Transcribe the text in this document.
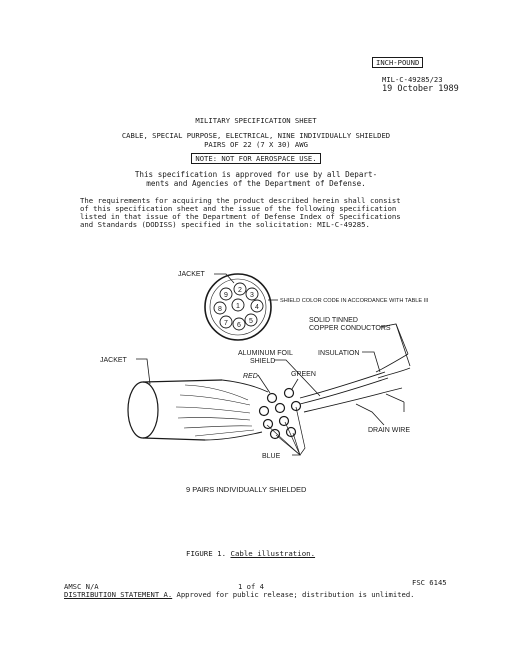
INCH-POUND
MIL-C-49285/23
19 October 1989
MILITARY SPECIFICATION SHEET
CABLE, SPECIAL PURPOSE, ELECTRICAL, NINE INDIVIDUALLY SHIELDED
PAIRS OF 22 (7 X 30) AWG
NOTE: NOT FOR AEROSPACE USE.
This specification is approved for use by all Depart-
ments and Agencies of the Department of Defense.
The requirements for acquiring the product described herein shall consist
of this specification sheet and the issue of the following specification
listed in that issue of the Department of Defense Index of Specifications
and Standards (DODISS) specified in the solicitation: MIL-C-49285.
JACKET
1
2
3
4
5
6
7
8
9
SHIELD COLOR CODE IN ACCORDANCE WITH TABLE III
SOLID TINNED
COPPER CONDUCTORS
JACKET
ALUMINUM FOIL
SHIELD
INSULATION
RED	GREEN
DRAIN WIRE
BLUE
9 PAIRS INDIVIDUALLY SHIELDED
FIGURE 1. Cable illustration.
AMSC N/A	1 of 4	FSC 6145
DISTRIBUTION STATEMENT A. Approved for public release; distribution is unlimited.
